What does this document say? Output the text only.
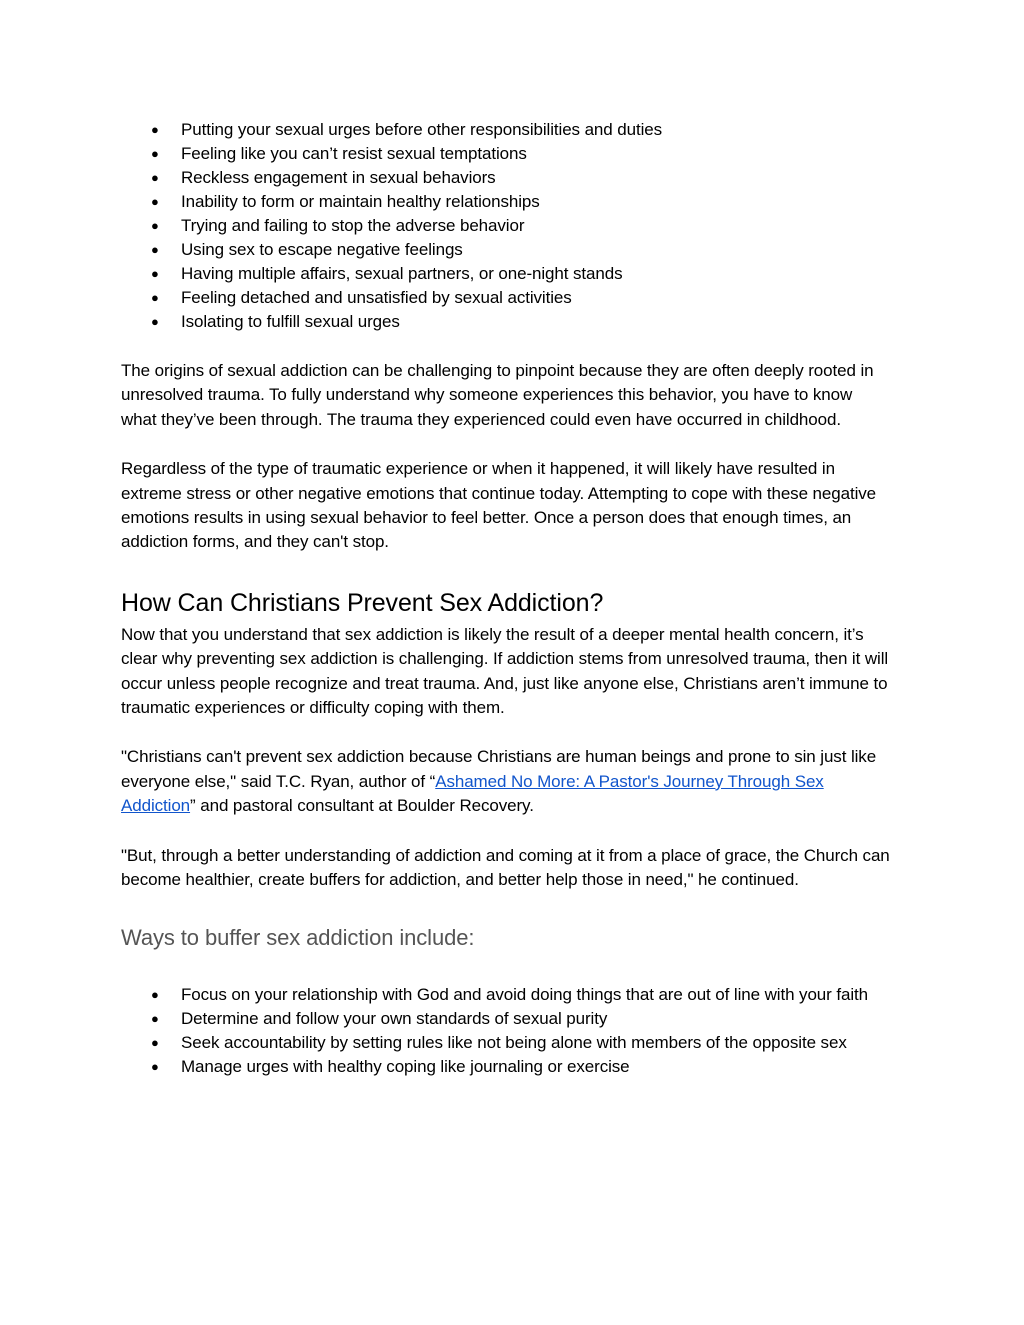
● Putting your sexual urges before other responsibilities and duties
● Feeling like you can’t resist sexual temptations
● Reckless engagement in sexual behaviors
● Inability to form or maintain healthy relationships
● Trying and failing to stop the adverse behavior
● Using sex to escape negative feelings
● Having multiple affairs, sexual partners, or one-night stands
● Feeling detached and unsatisfied by sexual activities
● Isolating to fulfill sexual urges

The origins of sexual addiction can be challenging to pinpoint because they are often deeply rooted in unresolved trauma. To fully understand why someone experiences this behavior, you have to know what they’ve been through. The trauma they experienced could even have occurred in childhood.

Regardless of the type of traumatic experience or when it happened, it will likely have resulted in extreme stress or other negative emotions that continue today. Attempting to cope with these negative emotions results in using sexual behavior to feel better. Once a person does that enough times, an addiction forms, and they can't stop.

How Can Christians Prevent Sex Addiction?

Now that you understand that sex addiction is likely the result of a deeper mental health concern, it’s clear why preventing sex addiction is challenging. If addiction stems from unresolved trauma, then it will occur unless people recognize and treat trauma. And, just like anyone else, Christians aren’t immune to traumatic experiences or difficulty coping with them.

"Christians can't prevent sex addiction because Christians are human beings and prone to sin just like everyone else," said T.C. Ryan, author of “Ashamed No More: A Pastor's Journey Through Sex Addiction” and pastoral consultant at Boulder Recovery.

"But, through a better understanding of addiction and coming at it from a place of grace, the Church can become healthier, create buffers for addiction, and better help those in need," he continued.

Ways to buffer sex addiction include:
● Focus on your relationship with God and avoid doing things that are out of line with your faith
● Determine and follow your own standards of sexual purity
● Seek accountability by setting rules like not being alone with members of the opposite sex
● Manage urges with healthy coping like journaling or exercise
